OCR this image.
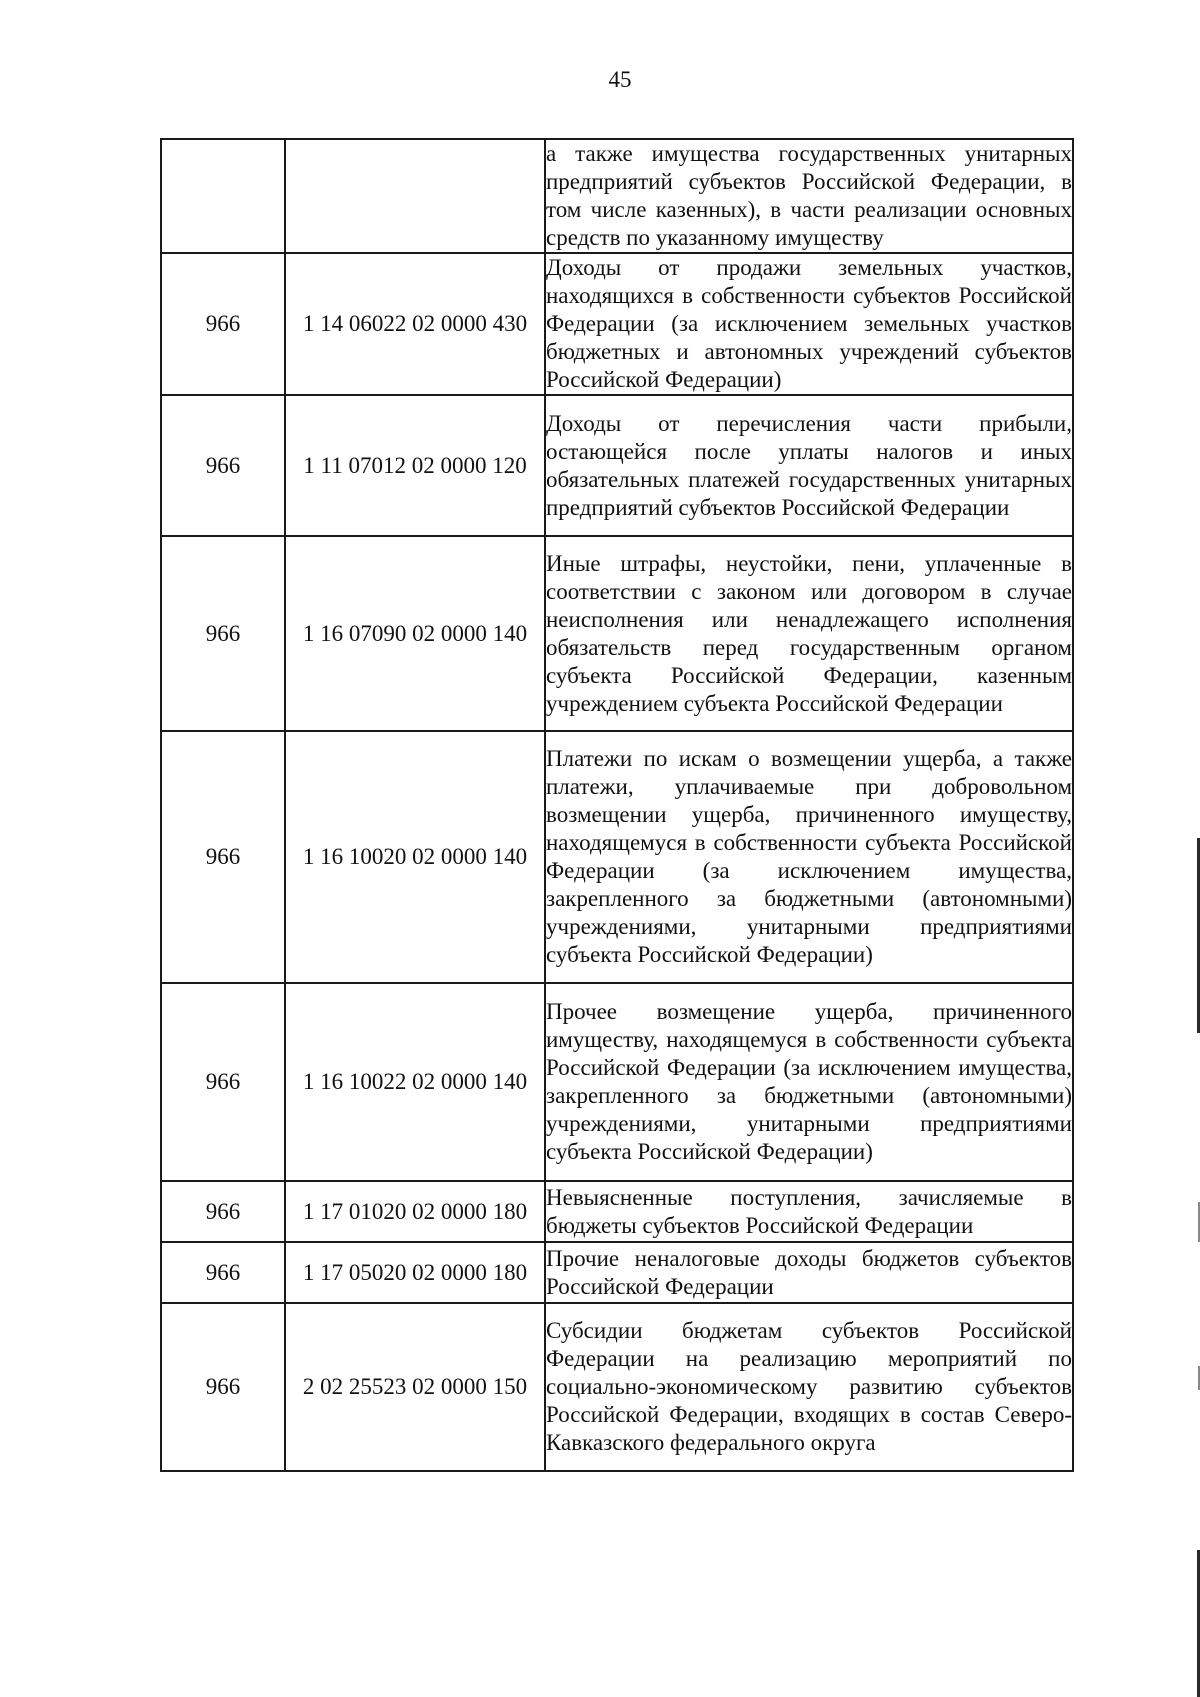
45

		а также имущества государственных унитарных предприятий субъектов Российской Федерации, в том числе казенных), в части реализации основных средств по указанному имуществу

966	1 14 06022 02 0000 430	Доходы от продажи земельных участков, находящихся в собственности субъектов Российской Федерации (за исключением земельных участков бюджетных и автономных учреждений субъектов Российской Федерации)

966	1 11 07012 02 0000 120	Доходы от перечисления части прибыли, остающейся после уплаты налогов и иных обязательных платежей государственных унитарных предприятий субъектов Российской Федерации

966	1 16 07090 02 0000 140	Иные штрафы, неустойки, пени, уплаченные в соответствии с законом или договором в случае неисполнения или ненадлежащего исполнения обязательств перед государственным органом субъекта Российской Федерации, казенным учреждением субъекта Российской Федерации

966	1 16 10020 02 0000 140	Платежи по искам о возмещении ущерба, а также платежи, уплачиваемые при добровольном возмещении ущерба, причиненного имуществу, находящемуся в собственности субъекта Российской Федерации (за исключением имущества, закрепленного за бюджетными (автономными) учреждениями, унитарными предприятиями субъекта Российской Федерации)

966	1 16 10022 02 0000 140	Прочее возмещение ущерба, причиненного имуществу, находящемуся в собственности субъекта Российской Федерации (за исключением имущества, закрепленного за бюджетными (автономными) учреждениями, унитарными предприятиями субъекта Российской Федерации)

966	1 17 01020 02 0000 180	Невыясненные поступления, зачисляемые в бюджеты субъектов Российской Федерации

966	1 17 05020 02 0000 180	Прочие неналоговые доходы бюджетов субъектов Российской Федерации

966	2 02 25523 02 0000 150	Субсидии бюджетам субъектов Российской Федерации на реализацию мероприятий по социально-экономическому развитию субъектов Российской Федерации, входящих в состав Северо-Кавказского федерального округа
